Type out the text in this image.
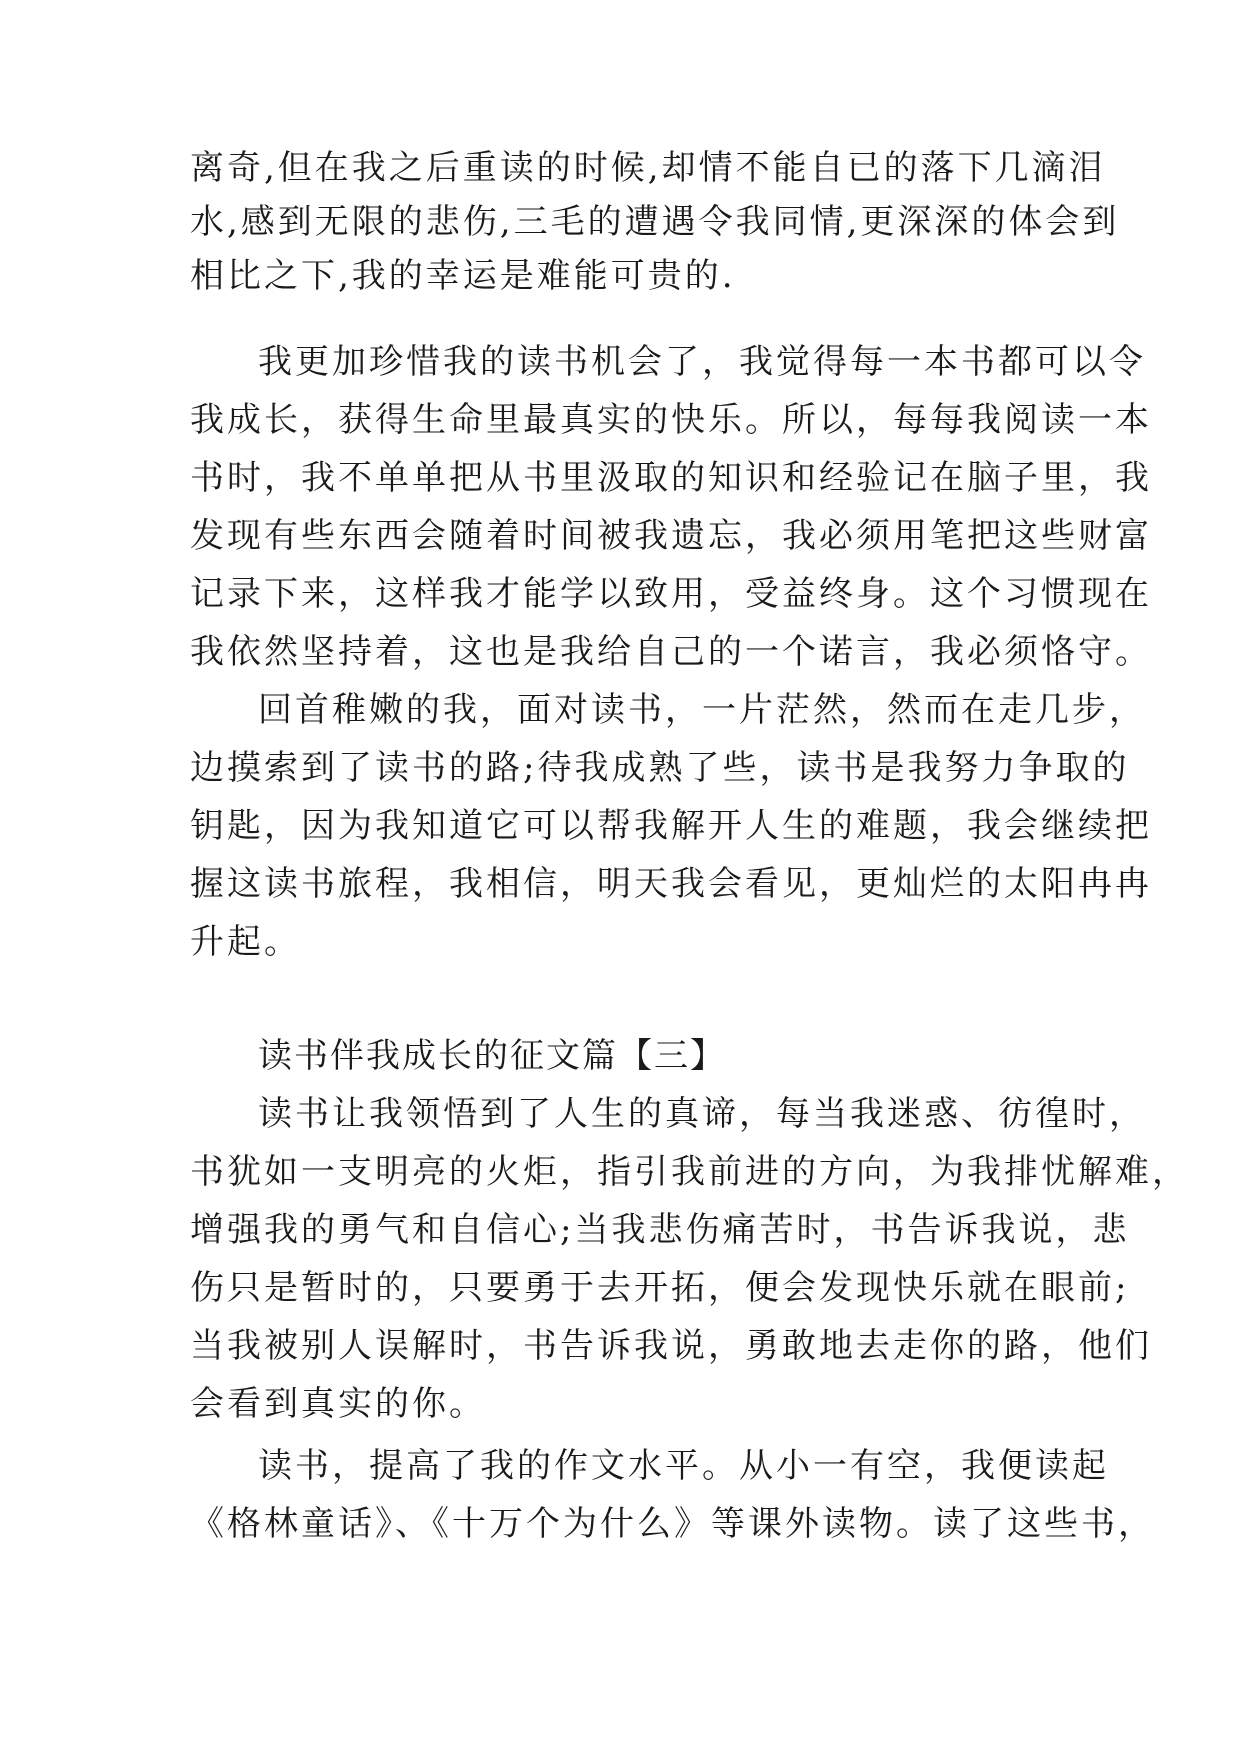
离奇,但在我之后重读的时候,却情不能自已的落下几滴泪
水,感到无限的悲伤,三毛的遭遇令我同情,更深深的体会到
相比之下,我的幸运是难能可贵的.
我更加珍惜我的读书机会了，我觉得每一本书都可以令
我成长，获得生命里最真实的快乐。所以，每每我阅读一本
书时，我不单单把从书里汲取的知识和经验记在脑子里，我
发现有些东西会随着时间被我遗忘，我必须用笔把这些财富
记录下来，这样我才能学以致用，受益终身。这个习惯现在
我依然坚持着，这也是我给自己的一个诺言，我必须恪守。
回首稚嫩的我，面对读书，一片茫然，然而在走几步，
边摸索到了读书的路;待我成熟了些，读书是我努力争取的
钥匙，因为我知道它可以帮我解开人生的难题，我会继续把
握这读书旅程，我相信，明天我会看见，更灿烂的太阳冉冉
升起。
读书伴我成长的征文篇【三】
读书让我领悟到了人生的真谛，每当我迷惑、彷徨时，
书犹如一支明亮的火炬，指引我前进的方向，为我排忧解难，
增强我的勇气和自信心;当我悲伤痛苦时，书告诉我说，悲
伤只是暂时的，只要勇于去开拓，便会发现快乐就在眼前;
当我被别人误解时，书告诉我说，勇敢地去走你的路，他们
会看到真实的你。
读书，提高了我的作文水平。从小一有空，我便读起
《格林童话》、《十万个为什么》等课外读物。读了这些书，
